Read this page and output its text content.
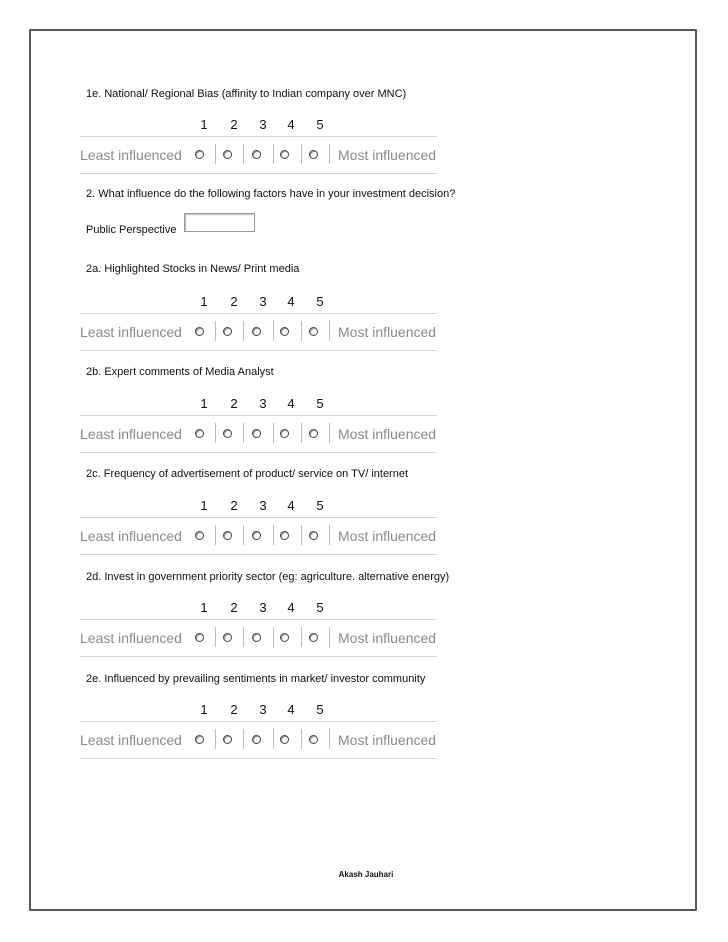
1e. National/ Regional Bias (affinity to Indian company over MNC)
1	2	3	4	5
Least influenced	Most influenced
2. What influence do the following factors have in your investment decision?
Public Perspective
2a. Highlighted Stocks in News/ Print media
1	2	3	4	5
Least influenced	Most influenced
2b. Expert comments of Media Analyst
1	2	3	4	5
Least influenced	Most influenced
2c. Frequency of advertisement of product/ service on TV/ internet
1	2	3	4	5
Least influenced	Most influenced
2d. Invest in government priority sector (eg: agriculture. alternative energy)
1	2	3	4	5
Least influenced	Most influenced
2e. Influenced by prevailing sentiments in market/ investor community
1	2	3	4	5
Least influenced	Most influenced
Akash Jauhari
